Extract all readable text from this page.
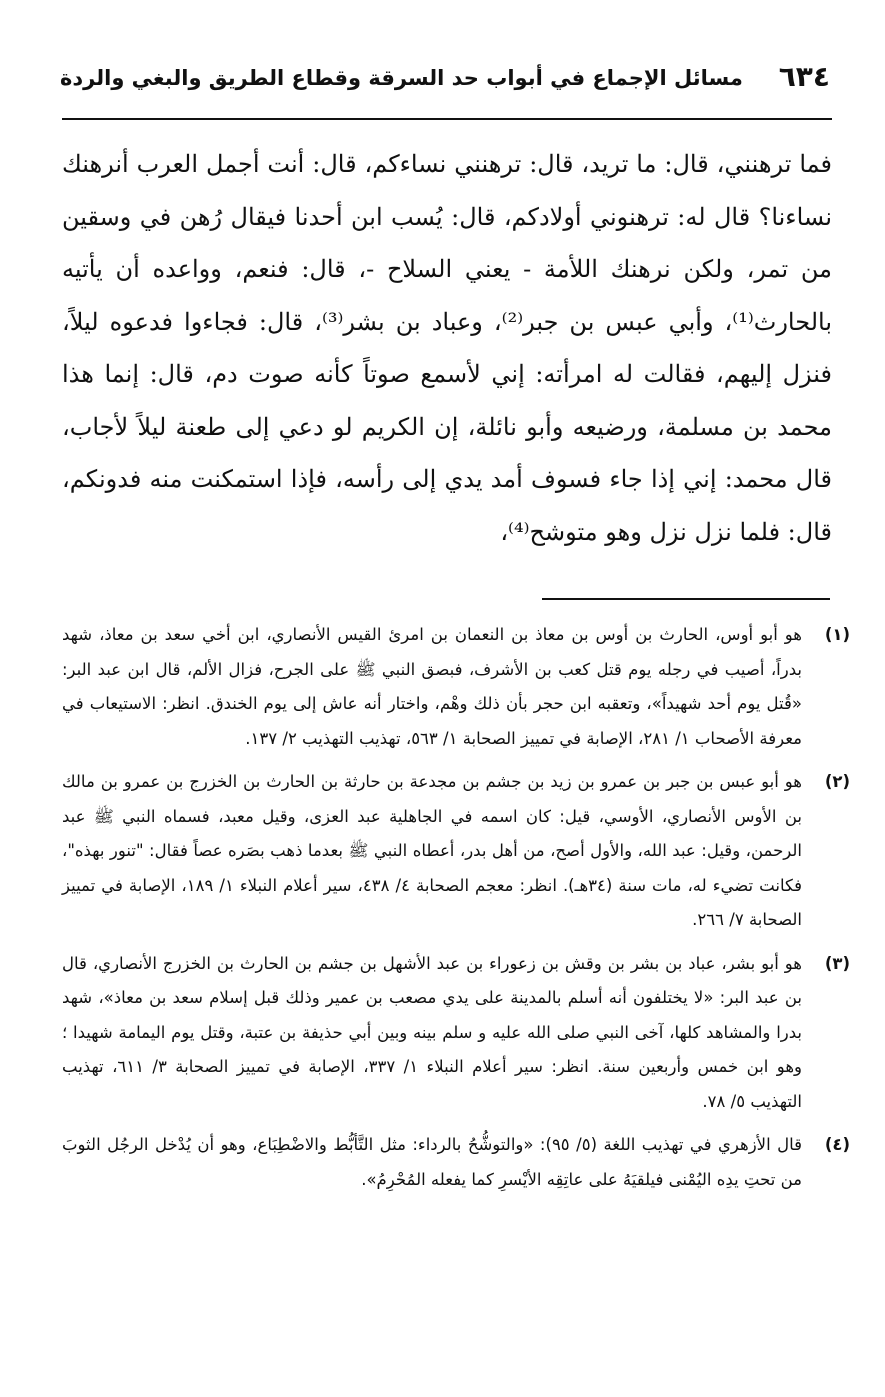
٦٣٤
مسائل الإجماع في أبواب حد السرقة وقطاع الطريق والبغي والردة

فما ترهنني، قال: ما تريد، قال: ترهنني نساءكم، قال: أنت أجمل العرب أنرهنك نساءنا؟ قال له: ترهنوني أولادكم، قال: يُسب ابن أحدنا فيقال رُهن في وسقين من تمر، ولكن نرهنك اللأمة - يعني السلاح -، قال: فنعم، وواعده أن يأتيه بالحارث⁽¹⁾، وأبي عبس بن جبر⁽²⁾، وعباد بن بشر⁽³⁾، قال: فجاءوا فدعوه ليلاً، فنزل إليهم، فقالت له امرأته: إني لأسمع صوتاً كأنه صوت دم، قال: إنما هذا محمد بن مسلمة، ورضيعه وأبو نائلة، إن الكريم لو دعي إلى طعنة ليلاً لأجاب، قال محمد: إني إذا جاء فسوف أمد يدي إلى رأسه، فإذا استمكنت منه فدونكم، قال: فلما نزل نزل وهو متوشح⁽⁴⁾،

(١)
هو أبو أوس، الحارث بن أوس بن معاذ بن النعمان بن امرئ القيس الأنصاري، ابن أخي سعد بن معاذ، شهد بدراً، أصيب في رجله يوم قتل كعب بن الأشرف، فبصق النبي ﷺ على الجرح، فزال الألم، قال ابن عبد البر: «قُتل يوم أحد شهيداً»، وتعقبه ابن حجر بأن ذلك وهْم، واختار أنه عاش إلى يوم الخندق. انظر: الاستيعاب في معرفة الأصحاب ١/ ٢٨١، الإصابة في تمييز الصحابة ١/ ٥٦٣، تهذيب التهذيب ٢/ ١٣٧.
(٢)
هو أبو عبس بن جبر بن عمرو بن زيد بن جشم بن مجدعة بن حارثة بن الحارث بن الخزرج بن عمرو بن مالك بن الأوس الأنصاري، الأوسي، قيل: كان اسمه في الجاهلية عبد العزى، وقيل معبد، فسماه النبي ﷺ عبد الرحمن، وقيل: عبد الله، والأول أصح، من أهل بدر، أعطاه النبي ﷺ بعدما ذهب بصَره عصاً فقال: "تنور بهذه"، فكانت تضيء له، مات سنة (٣٤هـ). انظر: معجم الصحابة ٤/ ٤٣٨، سير أعلام النبلاء ١/ ١٨٩، الإصابة في تمييز الصحابة ٧/ ٢٦٦.
(٣)
هو أبو بشر، عباد بن بشر بن وقش بن زعوراء بن عبد الأشهل بن جشم بن الحارث بن الخزرج الأنصاري، قال بن عبد البر: «لا يختلفون أنه أسلم بالمدينة على يدي مصعب بن عمير وذلك قبل إسلام سعد بن معاذ»، شهد بدرا والمشاهد كلها، آخى النبي صلى الله عليه و سلم بينه وبين أبي حذيفة بن عتبة، وقتل يوم اليمامة شهيدا ؛ وهو ابن خمس وأربعين سنة. انظر: سير أعلام النبلاء ١/ ٣٣٧، الإصابة في تمييز الصحابة ٣/ ٦١١، تهذيب التهذيب ٥/ ٧٨.
(٤)
قال الأزهري في تهذيب اللغة (٥/ ٩٥): «والتوشُّحُ بالرداء: مثل التَّأبُّط والاضْطِبَاع، وهو أن يُدْخل الرجُل الثوبَ من تحتِ يدِه اليُمْنى فيلقيَهُ على عاتِقِه الأيْسرِ كما يفعله المُحْرِمُ».
